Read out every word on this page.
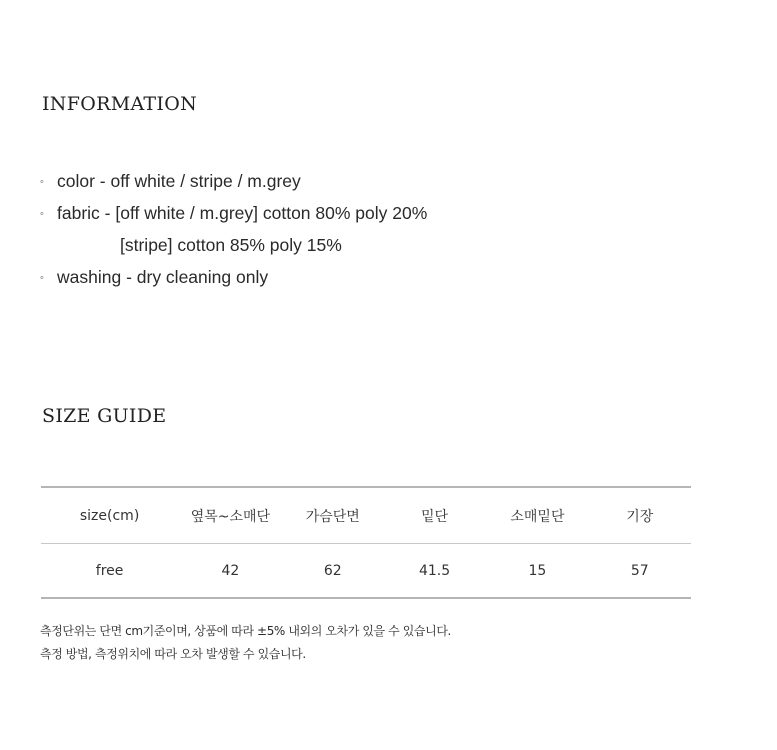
INFORMATION
◦ color - off white / stripe / m.grey
◦ fabric - [off white / m.grey] cotton 80% poly 20%
[stripe] cotton 85% poly 15%
◦ washing - dry cleaning only
SIZE GUIDE
size(cm)	옆목~소매단	가슴단면	밑단	소매밑단	기장
free	42	62	41.5	15	57

측정단위는 단면 cm기준이며, 상품에 따라 ±5% 내외의 오차가 있을 수 있습니다.

측정 방법, 측정위치에 따라 오차 발생할 수 있습니다.
